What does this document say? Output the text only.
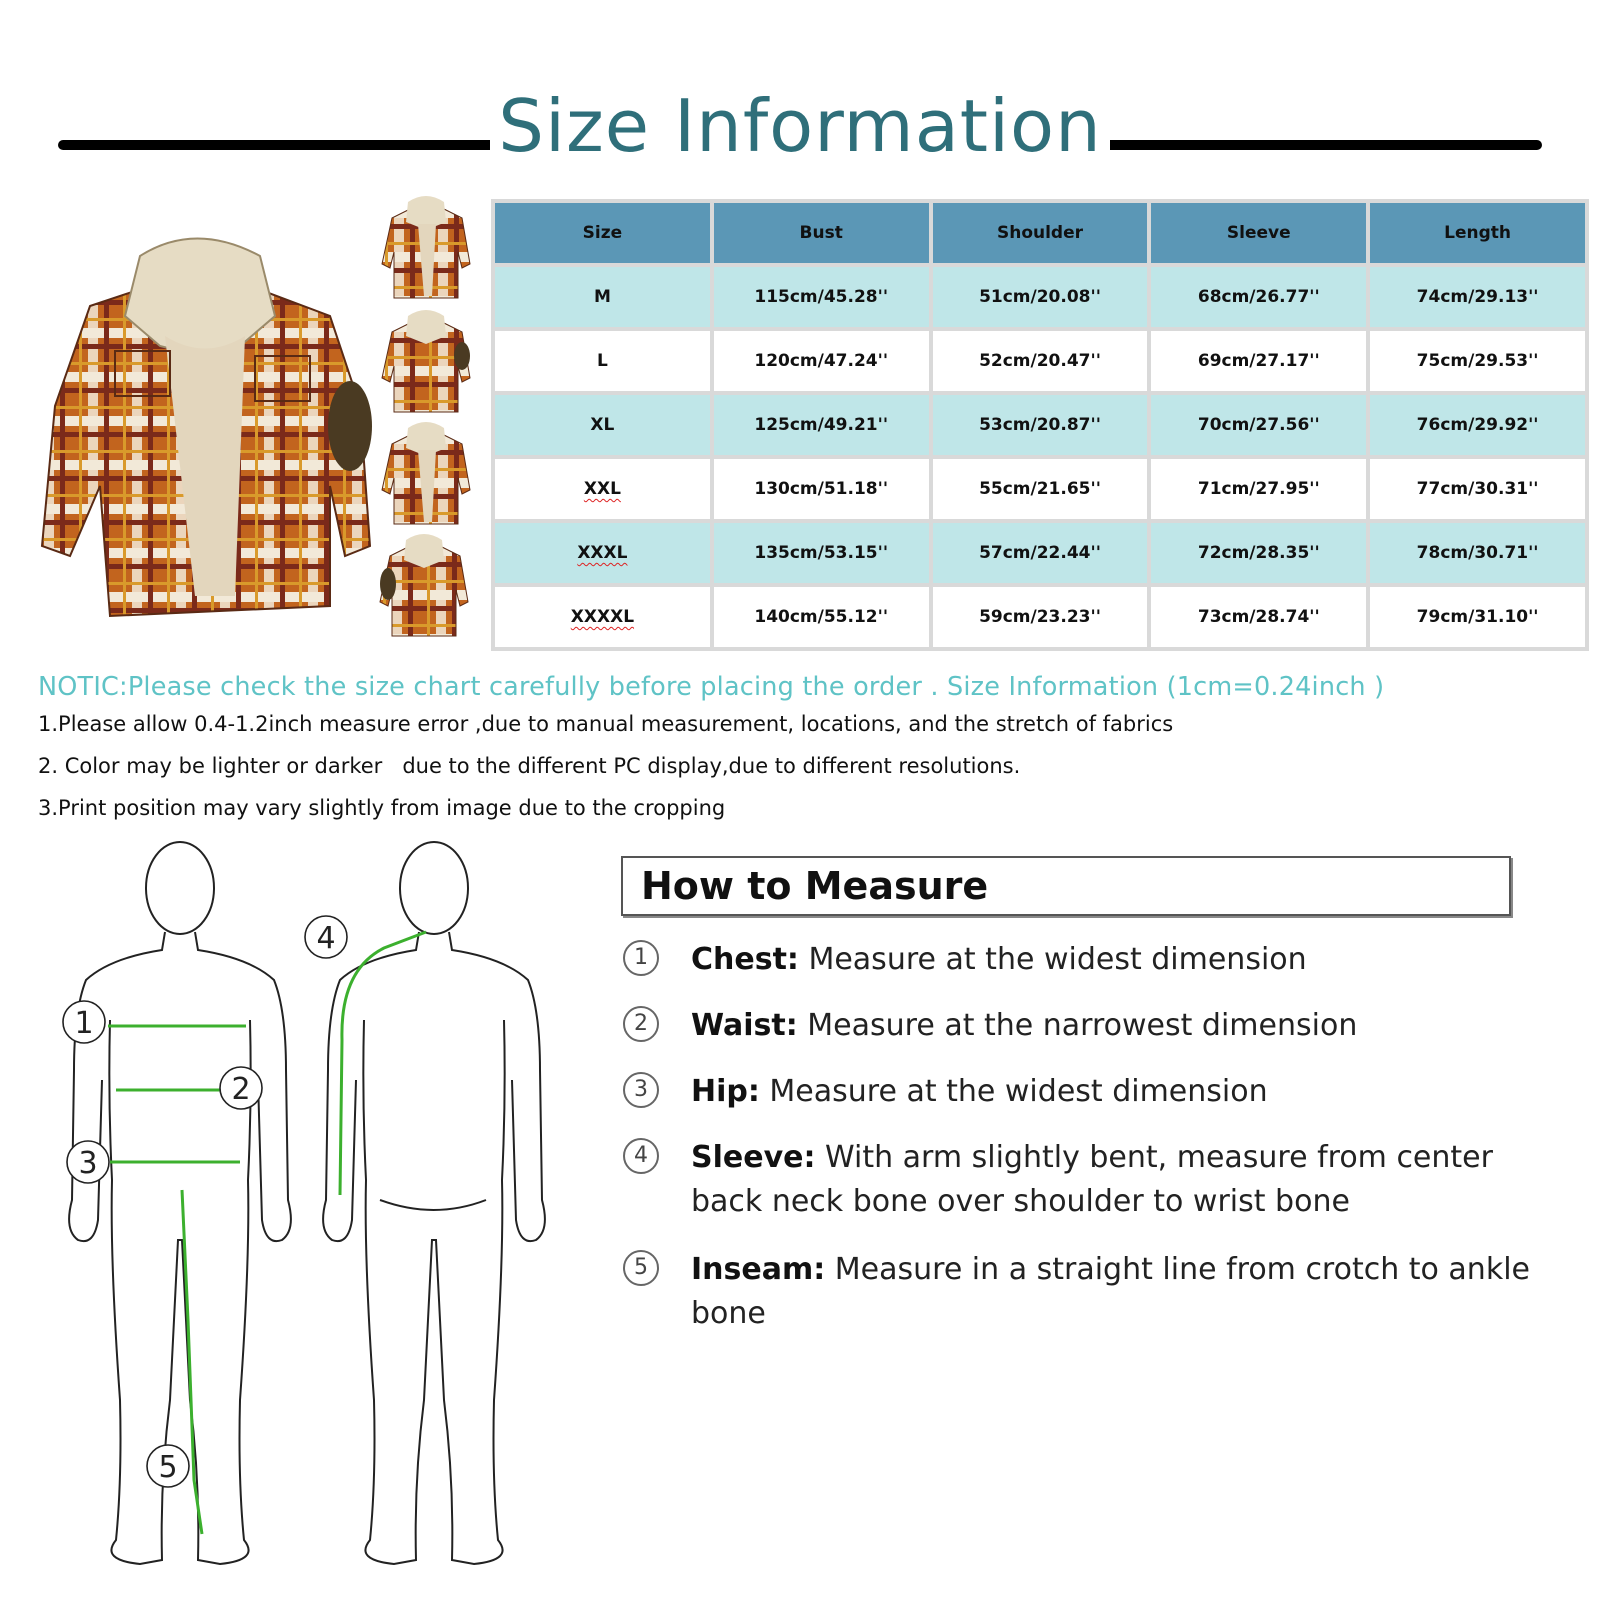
Size Information
Size	Bust	Shoulder	Sleeve	Length
M	115cm/45.28''	51cm/20.08''	68cm/26.77''	74cm/29.13''
L	120cm/47.24''	52cm/20.47''	69cm/27.17''	75cm/29.53''
XL	125cm/49.21''	53cm/20.87''	70cm/27.56''	76cm/29.92''
XXL	130cm/51.18''	55cm/21.65''	71cm/27.95''	77cm/30.31''
XXXL	135cm/53.15''	57cm/22.44''	72cm/28.35''	78cm/30.71''
XXXXL	140cm/55.12''	59cm/23.23''	73cm/28.74''	79cm/31.10''
NOTIC:Please check the size chart carefully before placing the order . Size Information (1cm=0.24inch )
1.Please allow 0.4-1.2inch measure error ,due to manual measurement, locations, and the stretch of fabrics
2. Color may be lighter or darker   due to the different PC display,due to different resolutions.
3.Print position may vary slightly from image due to the cropping
1
2
3
4
5
How to Measure
1	Chest: Measure at the widest dimension
2	Waist: Measure at the narrowest dimension
3	Hip: Measure at the widest dimension
4	Sleeve: With arm slightly bent, measure from center back neck bone over shoulder to wrist bone
5	Inseam: Measure in a straight line from crotch to ankle bone
